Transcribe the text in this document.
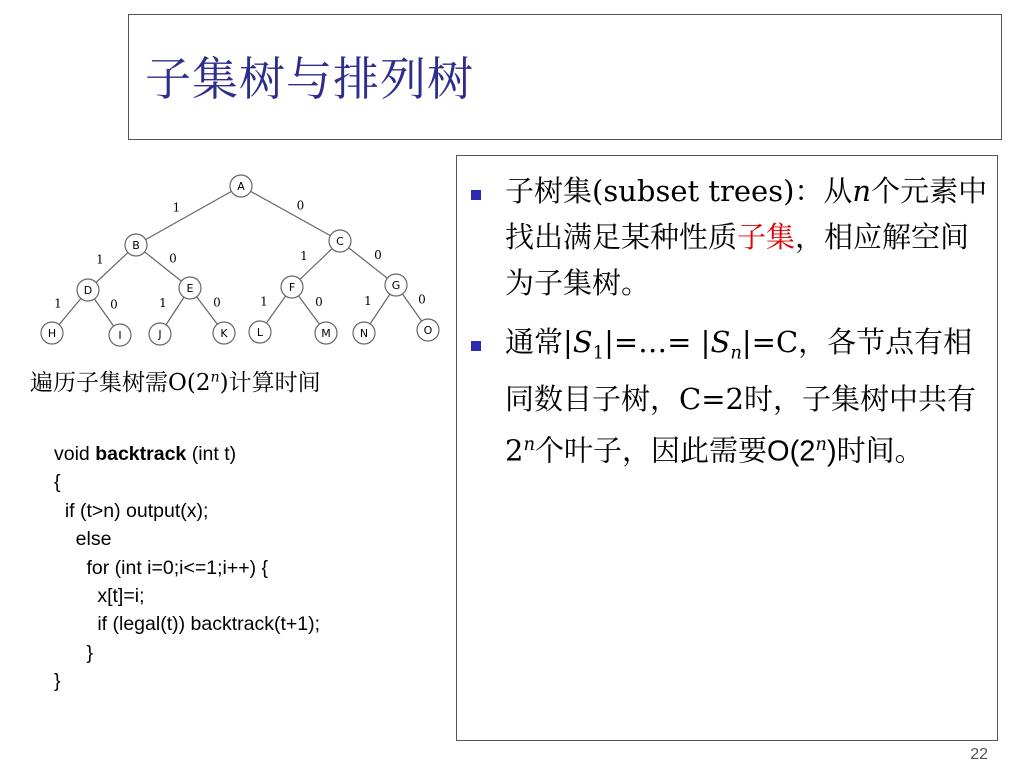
子集树与排列树
1	0
1	0	1	0
1	0	1	0	1	0	1	0
A
B	C
D	E	F	G
H	I	J	K	L	M	N	O
遍历子集树需O(2$^n$)计算时间
void backtrack (int t)
{
if (t>n) output(x);
else
for (int i=0;i<=1;i++) {
x[t]=i;
if (legal(t)) backtrack(t+1);
}
}
子树集(subset trees)：从n个元素中找出满足某种性质子集，相应解空间为子集树。
通常$|S_1|=\dots= |S_n|=C$，各节点有相同数目子树，C=2时，子集树中共有2$^n$个叶子，因此需要O(2$^n$)时间。
22
